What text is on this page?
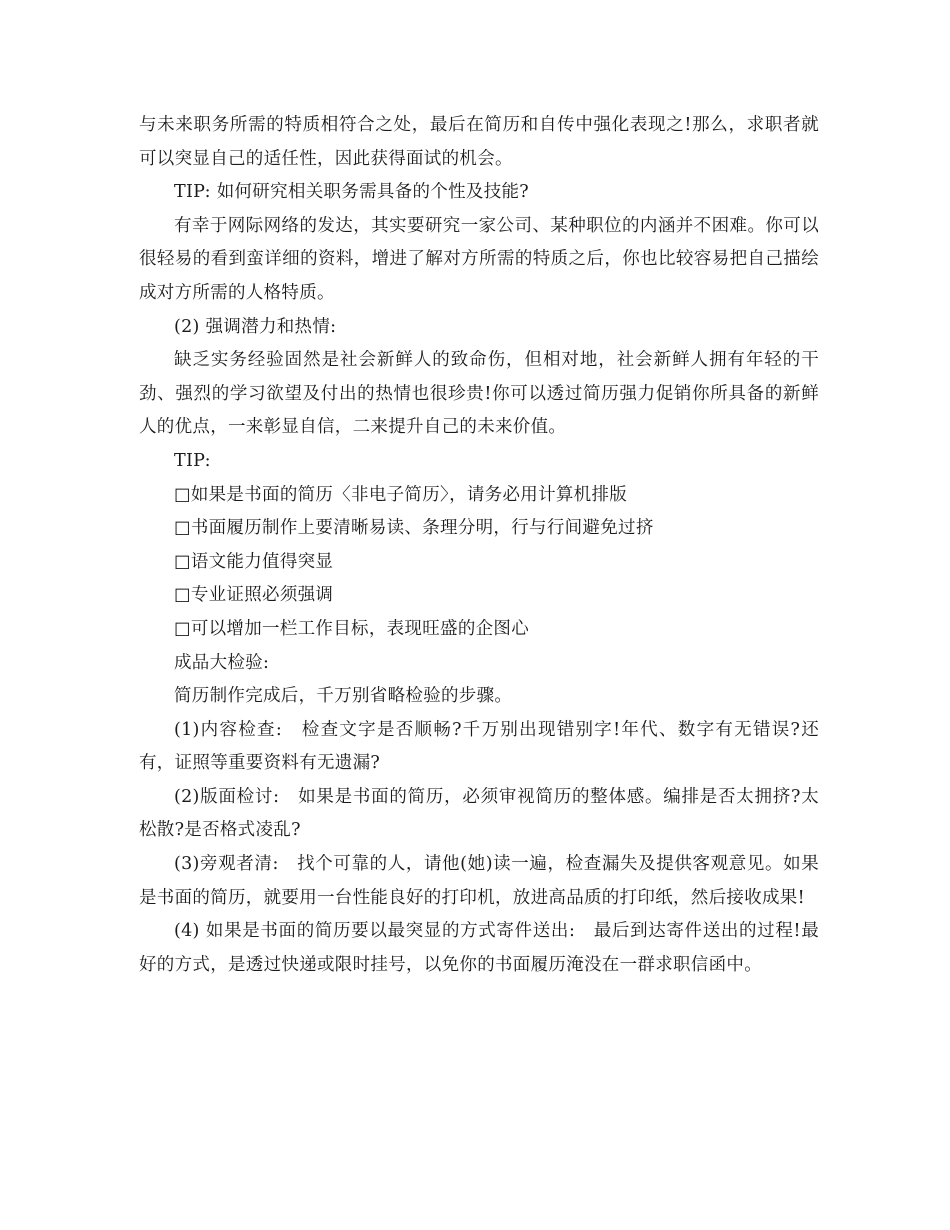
与未来职务所需的特质相符合之处，最后在简历和自传中强化表现之!那么，求职者就可以突显自己的适任性，因此获得面试的机会。

TIP: 如何研究相关职务需具备的个性及技能?

有幸于网际网络的发达，其实要研究一家公司、某种职位的内涵并不困难。你可以很轻易的看到蛮详细的资料，增进了解对方所需的特质之后，你也比较容易把自己描绘成对方所需的人格特质。

(2) 强调潜力和热情:

缺乏实务经验固然是社会新鲜人的致命伤，但相对地，社会新鲜人拥有年轻的干劲、强烈的学习欲望及付出的热情也很珍贵!你可以透过简历强力促销你所具备的新鲜人的优点，一来彰显自信，二来提升自己的未来价值。

TIP:

□如果是书面的简历〈非电子简历〉，请务必用计算机排版

□书面履历制作上要清晰易读、条理分明，行与行间避免过挤

□语文能力值得突显

□专业证照必须强调

□可以增加一栏工作目标，表现旺盛的企图心

成品大检验:

简历制作完成后，千万别省略检验的步骤。

(1)内容检查:　检查文字是否顺畅?千万别出现错别字!年代、数字有无错误?还有，证照等重要资料有无遗漏?

(2)版面检讨:　如果是书面的简历，必须审视简历的整体感。编排是否太拥挤?太松散?是否格式凌乱?

(3)旁观者清:　找个可靠的人，请他(她)读一遍，检查漏失及提供客观意见。如果是书面的简历，就要用一台性能良好的打印机，放进高品质的打印纸，然后接收成果!

(4) 如果是书面的简历要以最突显的方式寄件送出:　最后到达寄件送出的过程!最好的方式，是透过快递或限时挂号，以免你的书面履历淹没在一群求职信函中。
